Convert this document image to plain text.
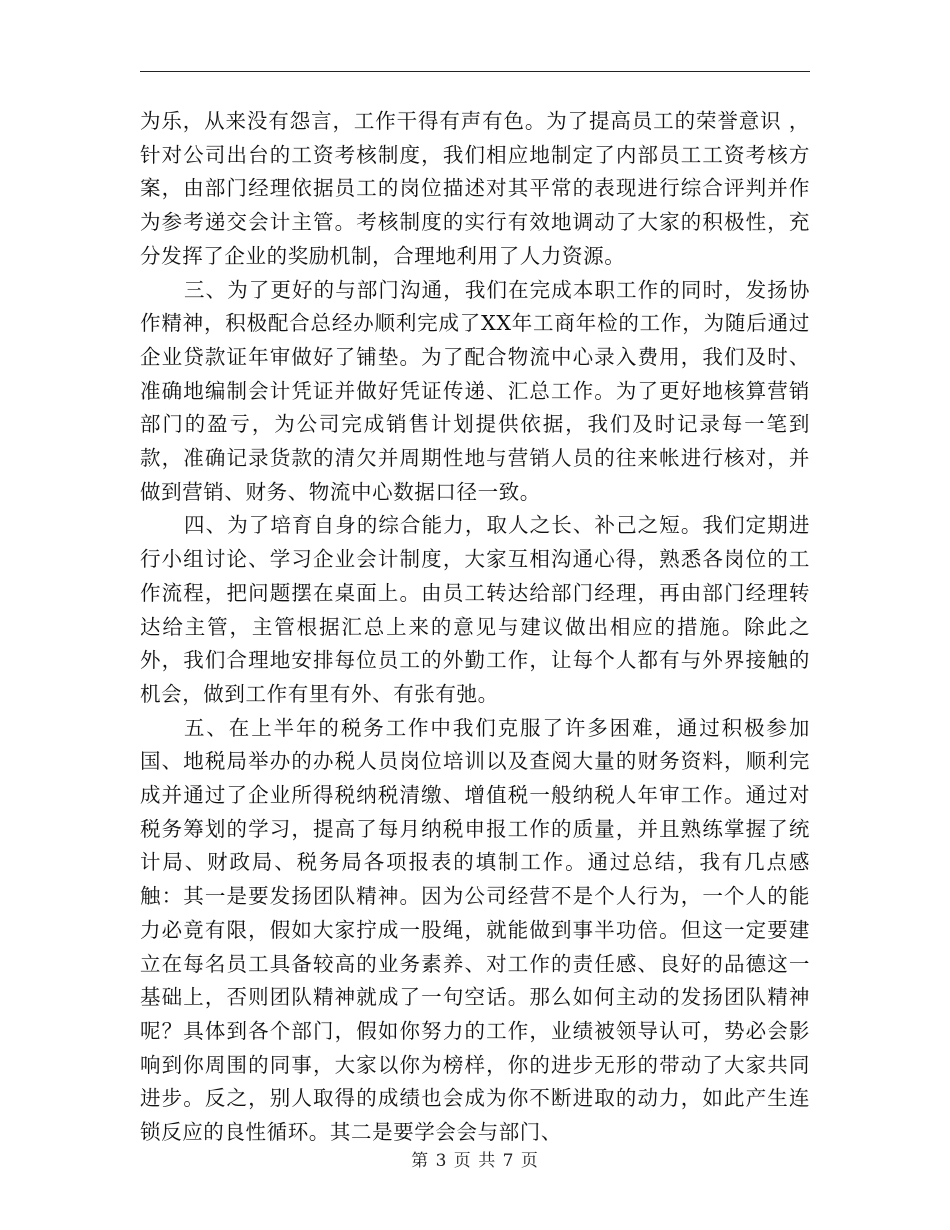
为乐，从来没有怨言，工作干得有声有色。为了提高员工的荣誉意识 ，针对公司出台的工资考核制度，我们相应地制定了内部员工工资考核方案，由部门经理依据员工的岗位描述对其平常的表现进行综合评判并作为参考递交会计主管。考核制度的实行有效地调动了大家的积极性，充分发挥了企业的奖励机制，合理地利用了人力资源。

三、为了更好的与部门沟通，我们在完成本职工作的同时，发扬协作精神，积极配合总经办顺利完成了XX年工商年检的工作，为随后通过企业贷款证年审做好了铺垫。为了配合物流中心录入费用，我们及时、准确地编制会计凭证并做好凭证传递、汇总工作。为了更好地核算营销部门的盈亏，为公司完成销售计划提供依据，我们及时记录每一笔到款，准确记录货款的清欠并周期性地与营销人员的往来帐进行核对，并做到营销、财务、物流中心数据口径一致。

四、为了培育自身的综合能力，取人之长、补己之短。我们定期进行小组讨论、学习企业会计制度，大家互相沟通心得，熟悉各岗位的工作流程，把问题摆在桌面上。由员工转达给部门经理，再由部门经理转达给主管，主管根据汇总上来的意见与建议做出相应的措施。除此之外，我们合理地安排每位员工的外勤工作，让每个人都有与外界接触的机会，做到工作有里有外、有张有弛。

五、在上半年的税务工作中我们克服了许多困难，通过积极参加国、地税局举办的办税人员岗位培训以及查阅大量的财务资料，顺利完成并通过了企业所得税纳税清缴、增值税一般纳税人年审工作。通过对税务筹划的学习，提高了每月纳税申报工作的质量，并且熟练掌握了统计局、财政局、税务局各项报表的填制工作。通过总结，我有几点感触：其一是要发扬团队精神。因为公司经营不是个人行为，一个人的能力必竟有限，假如大家拧成一股绳，就能做到事半功倍。但这一定要建立在每名员工具备较高的业务素养、对工作的责任感、良好的品德这一基础上，否则团队精神就成了一句空话。那么如何主动的发扬团队精神呢？具体到各个部门，假如你努力的工作，业绩被领导认可，势必会影响到你周围的同事，大家以你为榜样，你的进步无形的带动了大家共同进步。反之，别人取得的成绩也会成为你不断进取的动力，如此产生连锁反应的良性循环。其二是要学会会与部门、

第 3 页 共 7 页
